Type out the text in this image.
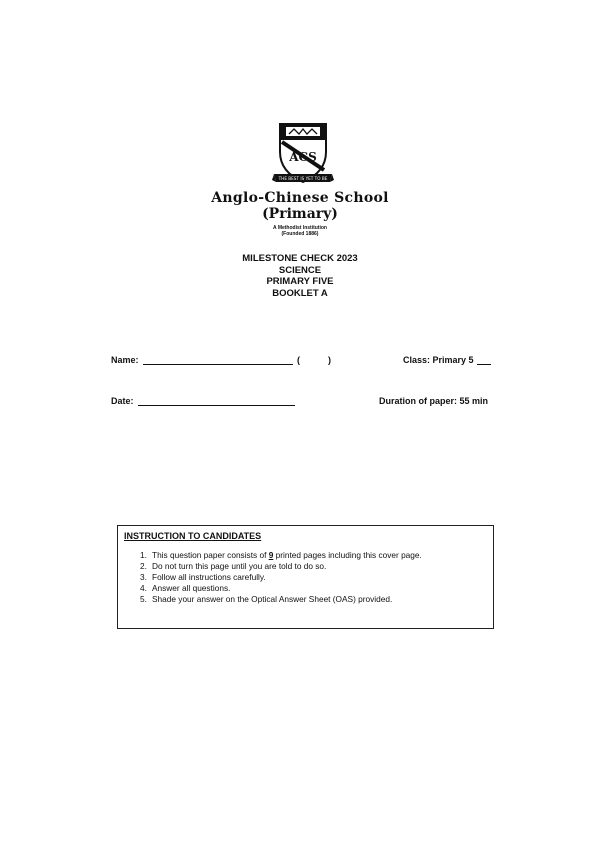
ACS
THE BEST IS YET TO BE
Anglo-Chinese School
(Primary)
A Methodist Institution
(Founded 1886)
MILESTONE CHECK 2023
SCIENCE
PRIMARY FIVE
BOOKLET A
Name:	(	)	Class: Primary 5
Date:	Duration of paper: 55 min
INSTRUCTION TO CANDIDATES
1. This question paper consists of 9 printed pages including this cover page.
2. Do not turn this page until you are told to do so.
3. Follow all instructions carefully.
4. Answer all questions.
5. Shade your answer on the Optical Answer Sheet (OAS) provided.
